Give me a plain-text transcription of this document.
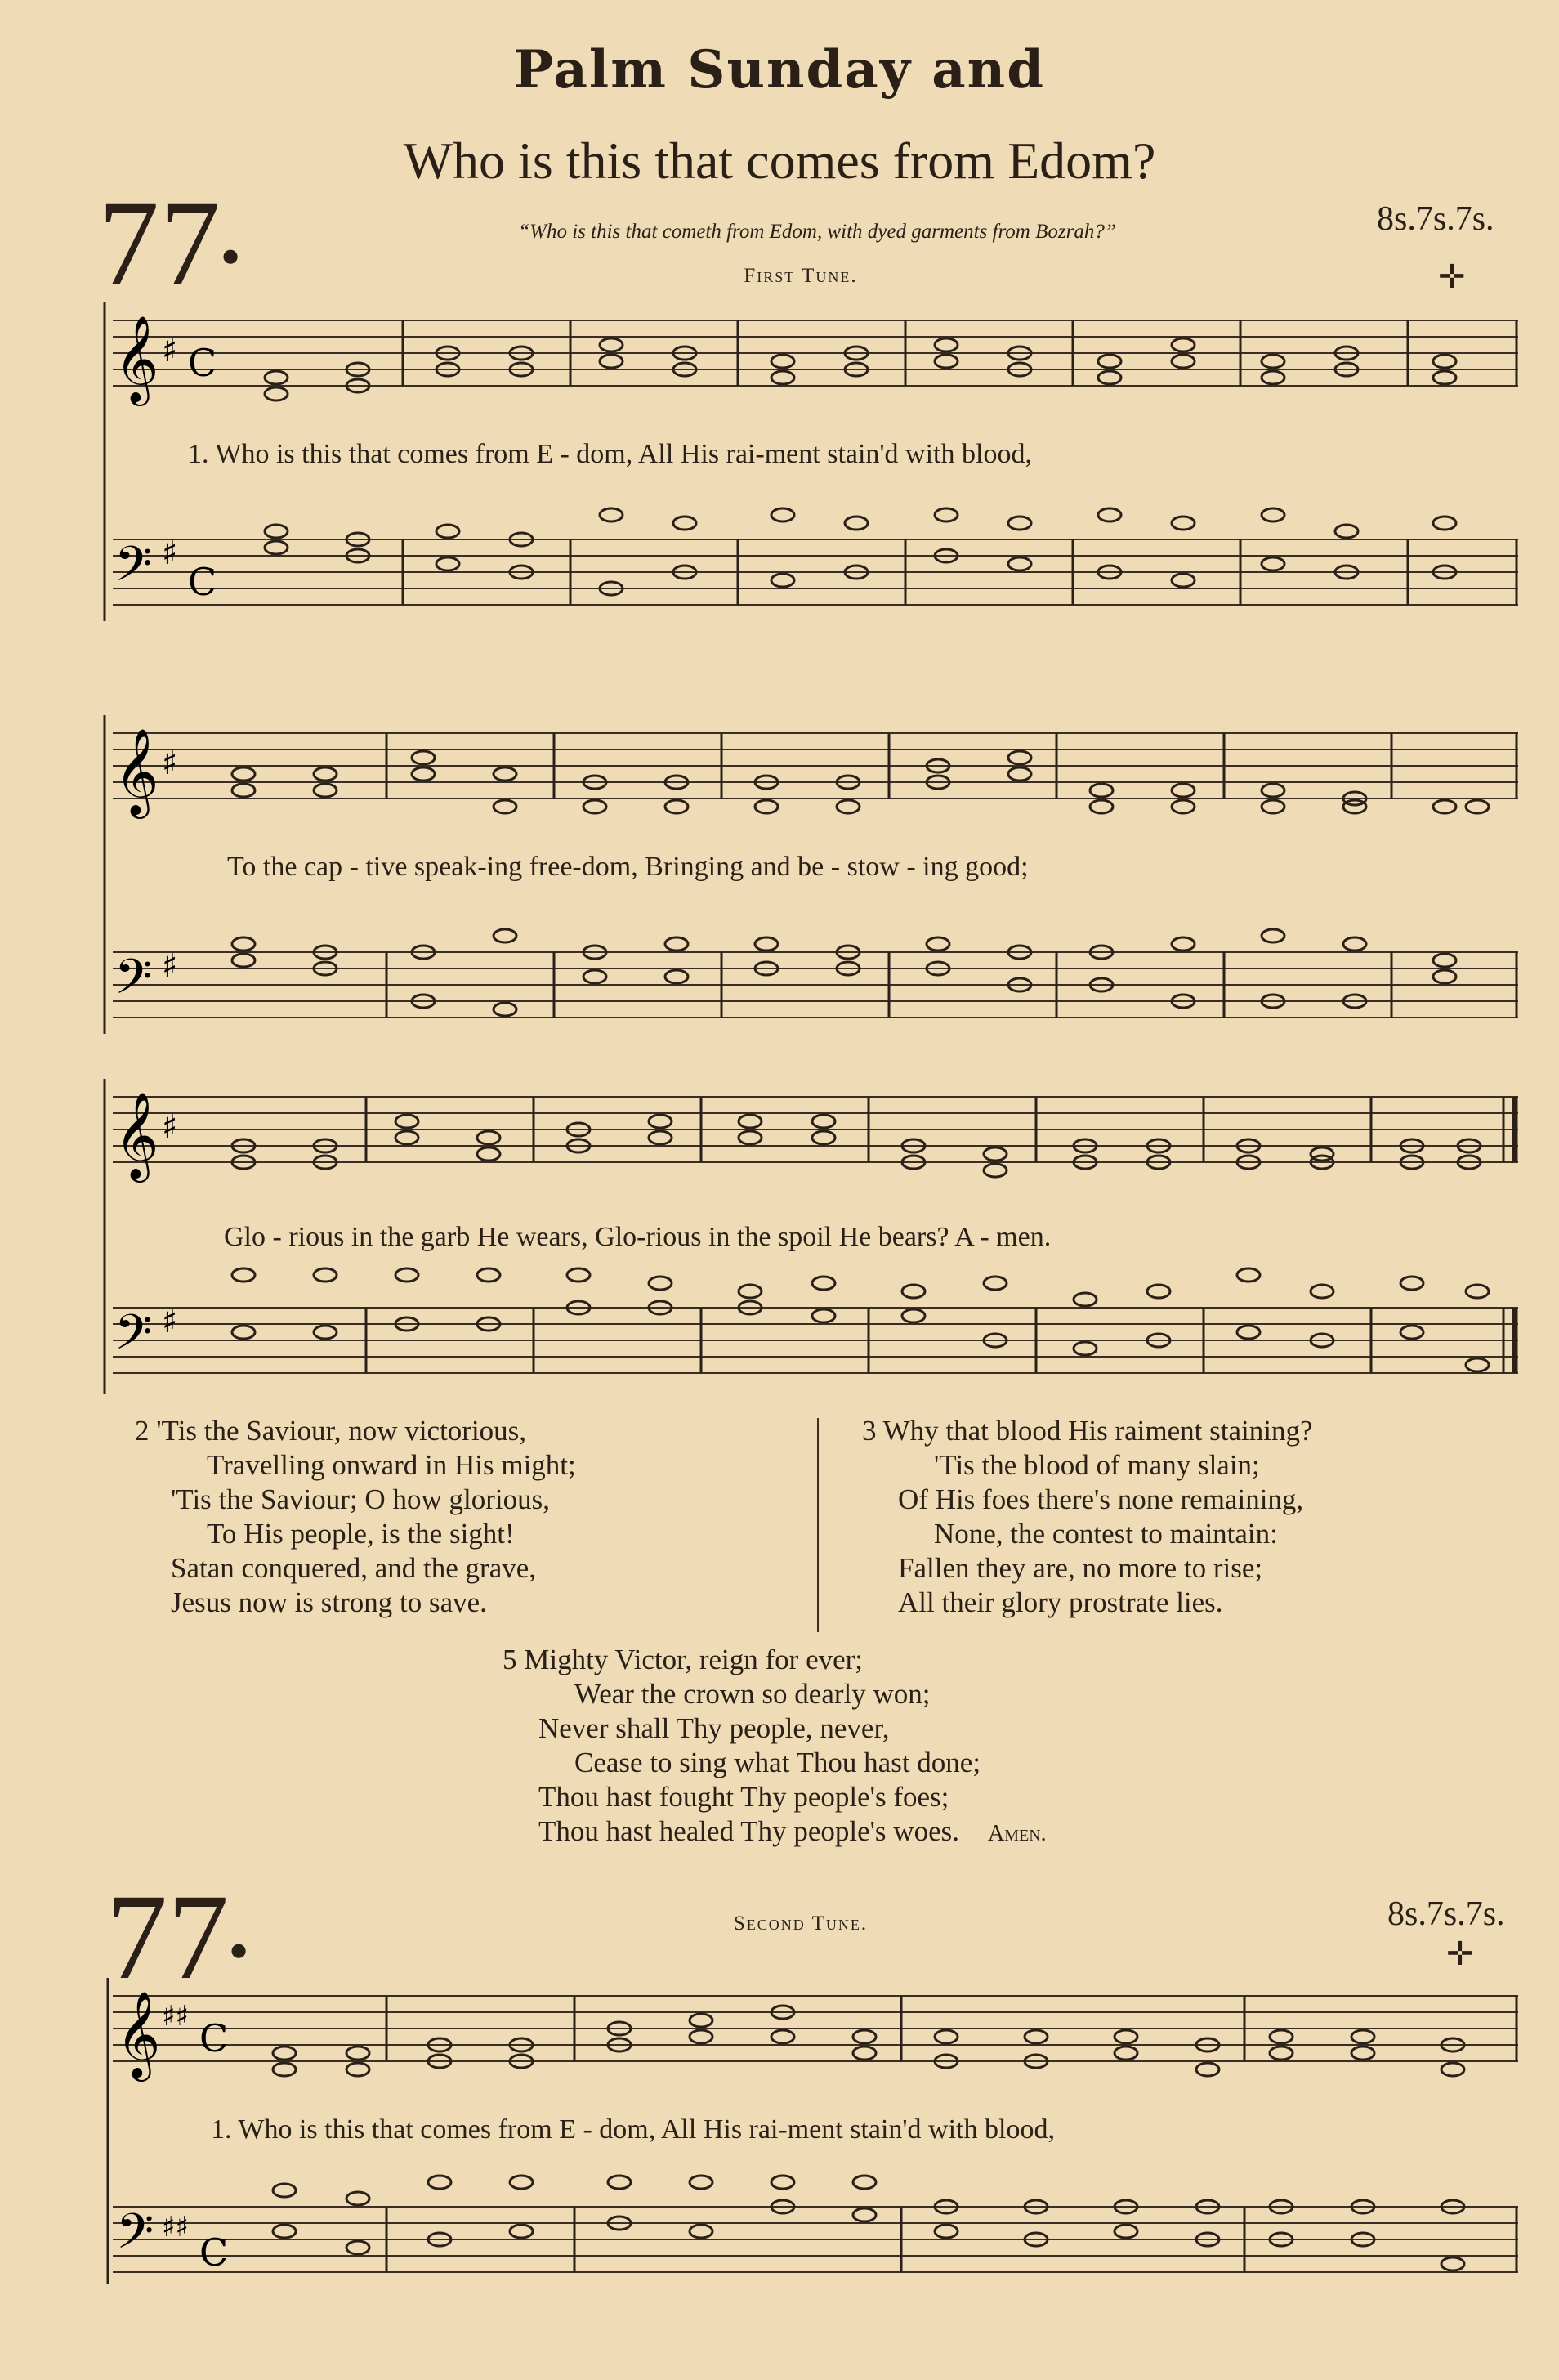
Palm Sunday and
Who is this that comes from Edom?
77●
“Who is this that cometh from Edom, with dyed garments from Bozrah?”	8s.7s.7s.
First Tune.	✛
𝄞 ♯ C
𝄢 ♯
C
1. Who is this that comes from E - dom, All His rai-ment stain'd with blood,
𝄞 ♯
𝄢 ♯
To the cap - tive speak-ing free-dom, Bringing and be - stow - ing good;
𝄞 ♯
𝄢 ♯
Glo - rious in the garb He wears, Glo-rious in the spoil He bears? A - men.
2 'Tis the Saviour, now victorious,
Travelling onward in His might;
'Tis the Saviour; O how glorious,
To His people, is the sight!
Satan conquered, and the grave,
Jesus now is strong to save.
3 Why that blood His raiment staining?
'Tis the blood of many slain;
Of His foes there's none remaining,
None, the contest to maintain:
Fallen they are, no more to rise;
All their glory prostrate lies.
5 Mighty Victor, reign for ever;
Wear the crown so dearly won;
Never shall Thy people, never,
Cease to sing what Thou hast done;
Thou hast fought Thy people's foes;
Thou hast healed Thy people's woes. Amen.
77●
Second Tune.	8s.7s.7s.
✛
𝄞 ♯♯ C
𝄢 ♯♯
C
1. Who is this that comes from E - dom, All His rai-ment stain'd with blood,
